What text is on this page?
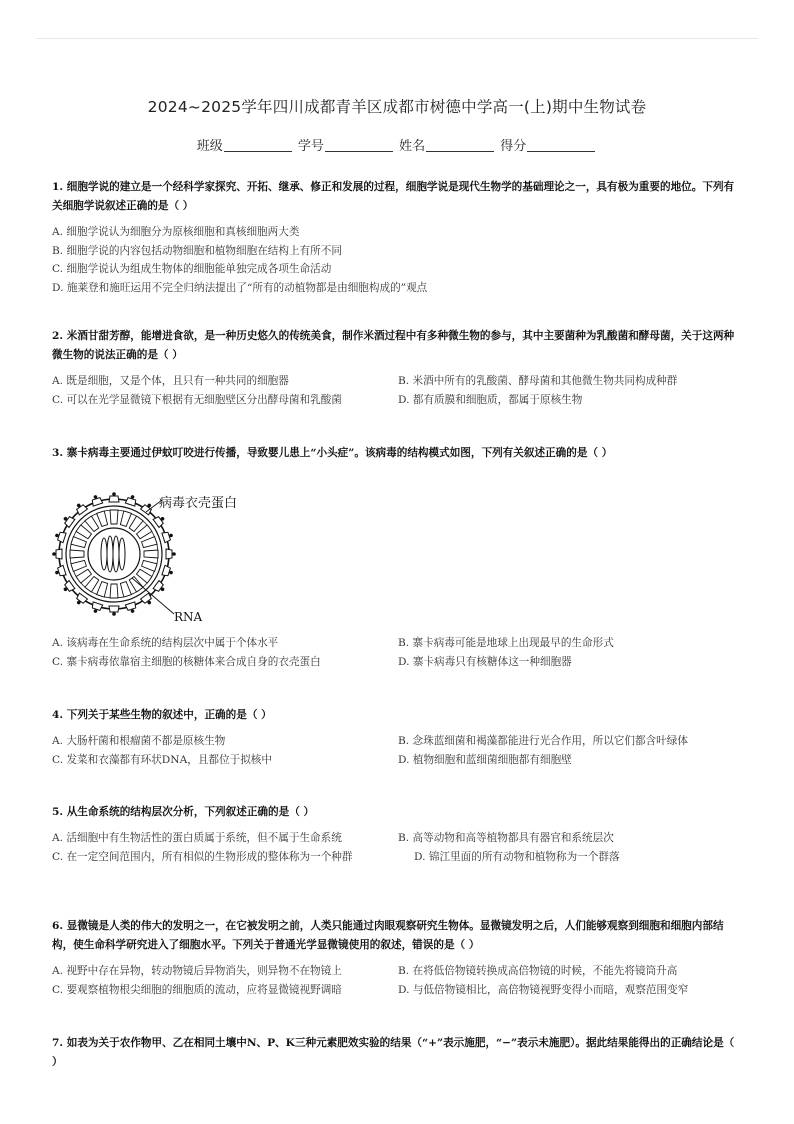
2024~2025学年四川成都青羊区成都市树德中学高一(上)期中生物试卷
班级	学号	姓名	得分
1. 细胞学说的建立是一个经科学家探究、开拓、继承、修正和发展的过程，细胞学说是现代生物学的基础理论之一，具有极为重要的地位。下列有关细胞学说叙述正确的是（ ）
A. 细胞学说认为细胞分为原核细胞和真核细胞两大类
B. 细胞学说的内容包括动物细胞和植物细胞在结构上有所不同
C. 细胞学说认为组成生物体的细胞能单独完成各项生命活动
D. 施莱登和施旺运用不完全归纳法提出了“所有的动植物都是由细胞构成的”观点
2. 米酒甘甜芳醇，能增进食欲，是一种历史悠久的传统美食，制作米酒过程中有多种微生物的参与，其中主要菌种为乳酸菌和酵母菌，关于这两种微生物的说法正确的是（ ）
A. 既是细胞，又是个体，且只有一种共同的细胞器	B. 米酒中所有的乳酸菌、酵母菌和其他微生物共同构成种群
C. 可以在光学显微镜下根据有无细胞壁区分出酵母菌和乳酸菌	D. 都有质膜和细胞质，都属于原核生物
3. 寨卡病毒主要通过伊蚊叮咬进行传播，导致婴儿患上“小头症”。该病毒的结构模式如图，下列有关叙述正确的是（ ）
病毒衣壳蛋白
RNA
A. 该病毒在生命系统的结构层次中属于个体水平	B. 寨卡病毒可能是地球上出现最早的生命形式
C. 寨卡病毒依靠宿主细胞的核糖体来合成自身的衣壳蛋白	D. 寨卡病毒只有核糖体这一种细胞器
4. 下列关于某些生物的叙述中，正确的是（ ）
A. 大肠杆菌和根瘤菌不都是原核生物	B. 念珠蓝细菌和褐藻都能进行光合作用，所以它们都含叶绿体
C. 发菜和衣藻都有环状DNA，且都位于拟核中	D. 植物细胞和蓝细菌细胞都有细胞壁
5. 从生命系统的结构层次分析，下列叙述正确的是（ ）
A. 活细胞中有生物活性的蛋白质属于系统，但不属于生命系统	B. 高等动物和高等植物都具有器官和系统层次
C. 在一定空间范围内，所有相似的生物形成的整体称为一个种群	D. 锦江里面的所有动物和植物称为一个群落
6. 显微镜是人类的伟大的发明之一，在它被发明之前，人类只能通过肉眼观察研究生物体。显微镜发明之后，人们能够观察到细胞和细胞内部结构，使生命科学研究进入了细胞水平。下列关于普通光学显微镜使用的叙述，错误的是（ ）
A. 视野中存在异物，转动物镜后异物消失，则异物不在物镜上	B. 在将低倍物镜转换成高倍物镜的时候，不能先将镜筒升高
C. 要观察植物根尖细胞的细胞质的流动，应将显微镜视野调暗	D. 与低倍物镜相比，高倍物镜视野变得小而暗，观察范围变窄
7. 如表为关于农作物甲、乙在相同土壤中N、P、K三种元素肥效实验的结果（“+”表示施肥，“−”表示未施肥）。据此结果能得出的正确结论是（ ）
